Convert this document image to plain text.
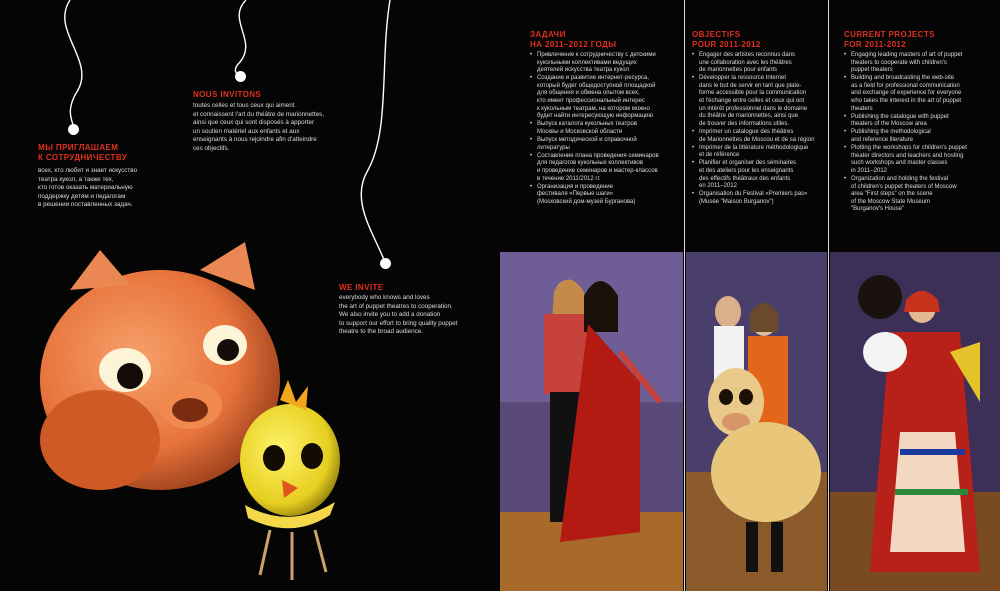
МЫ ПРИГЛАШАЕМ
К СОТРУДНИЧЕСТВУ
всех, кто любит и знает искусство
театра кукол, а также тех,
кто готов оказать материальную
поддержку детям и педагогам
в решении поставленных задач.
NOUS INVITONS
toutes celles et tous ceux qui aiment
et connaissent l'art du théâtre de marionnettes,
ainsi que ceux qui sont disposés à apporter
un soutien matériel aux enfants et aux
enseignants à nous rejoindre afin d'atteindre
ces objectifs.
WE INVITE
everybody who knows and loves
the art of puppet theatres to cooperation.
We also invite you to add a donation
to support our effort to bring quality puppet
theatre to the broad audience.
ЗАДАЧИ
НА 2011–2012 ГОДЫ
• Привлечение к сотрудничеству с детскими
кукольными коллективами ведущих
деятелей искусства театра кукол
• Создание и развитие интернет-ресурса,
который будет общедоступной площадкой
для общения и обмена опытом всех,
кто имеет профессиональный интерес
к кукольным театрам, на котором можно
будет найти интересующую информацию
• Выпуск каталога кукольных театров
Москвы и Московской области
• Выпуск методической и справочной
литературы
• Составление плана проведения семинаров
для педагогов кукольных коллективов
и проведение семинаров и мастер-классов
в течение 2011/2012 гг.
• Организация и проведение
фестиваля «Первые шаги»
(Московский дом-музей Бурганова)
OBJECTIFS
POUR 2011-2012
• Engager des artistes reconnus dans
une collaboration avec les théâtres
de marionnettes pour enfants
• Développer la ressource Internet
dans le but de servir en tant que plate-
forme accessible pour la communication
et l'échange entre celles et ceux qui ont
un intérêt professionnel dans le domaine
du théâtre de marionnettes, ainsi que
de trouver des informations utiles.
• Imprimer un catalogue des théâtres
de Marionnettes de Moscou et de sa région
• Imprimer de la littérature méthodologique
et de référence
• Planifier et organiser des séminaires
et des ateliers pour les enseignants
des effectifs théâtraux des enfants
en 2011–2012
• Organisation du Festival «Premiers pas»
(Musée "Maison Burganov")
CURRENT PROJECTS
FOR 2011-2012
• Engaging leading masters of art of puppet
theaters to cooperate with children's
puppet theaters
• Building and broadcasting the web-site
as a field for professional communication
and exchange of experience for everyone
who takes the interest in the art of puppet
theaters
• Publishing the catalogue with puppet
theaters of the Moscow area
• Publishing the methodological
and reference literature
• Plotting the workshops for children's puppet
theater directors and teachers and hosting
such workshops and master classes
in 2011–2012
• Organization and holding the festival
of children's puppet theaters of Moscow
area "First steps" on the scene
of the Moscow State Museum
"Burganov's House"
